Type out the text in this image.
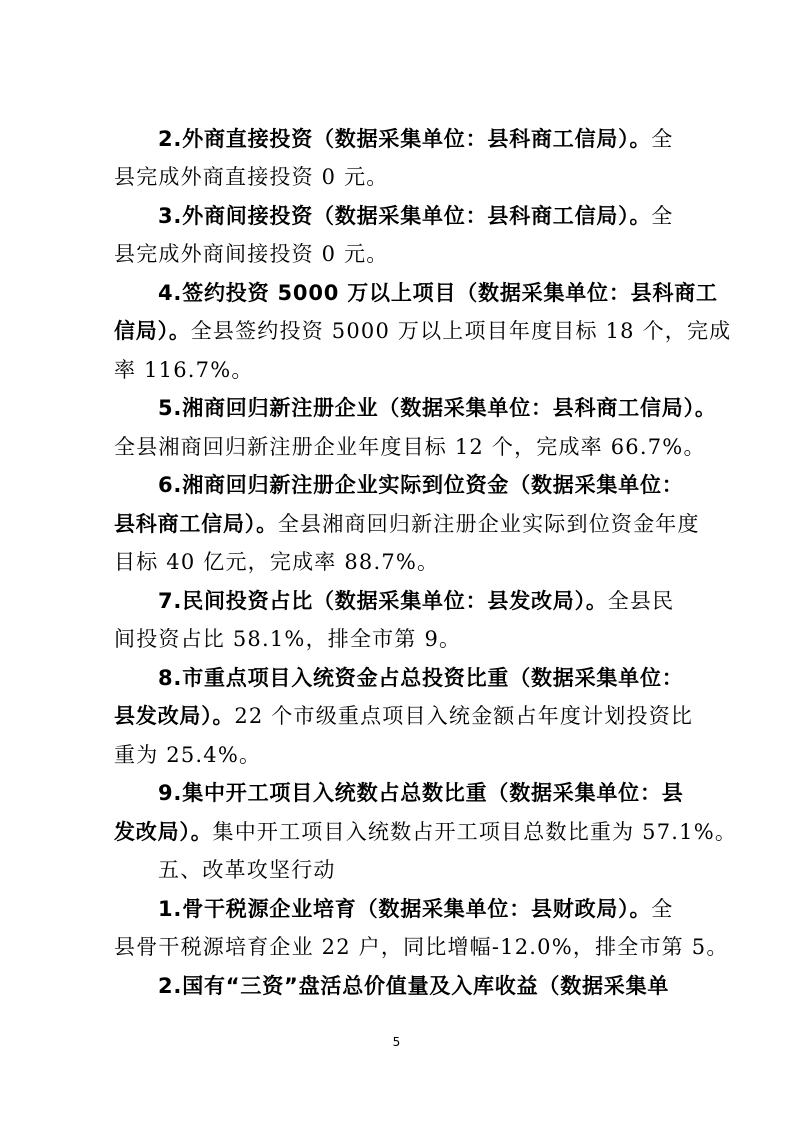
2.外商直接投资（数据采集单位：县科商工信局）。全
县完成外商直接投资 0 元。
3.外商间接投资（数据采集单位：县科商工信局）。全
县完成外商间接投资 0 元。
4.签约投资 5000 万以上项目（数据采集单位：县科商工
信局）。全县签约投资 5000 万以上项目年度目标 18 个，完成
率 116.7%。
5.湘商回归新注册企业（数据采集单位：县科商工信局）。
全县湘商回归新注册企业年度目标 12 个，完成率 66.7%。
6.湘商回归新注册企业实际到位资金（数据采集单位：
县科商工信局）。全县湘商回归新注册企业实际到位资金年度
目标 40 亿元，完成率 88.7%。
7.民间投资占比（数据采集单位：县发改局）。全县民
间投资占比 58.1%，排全市第 9。
8.市重点项目入统资金占总投资比重（数据采集单位：
县发改局）。22 个市级重点项目入统金额占年度计划投资比
重为 25.4%。
9.集中开工项目入统数占总数比重（数据采集单位：县
发改局）。集中开工项目入统数占开工项目总数比重为 57.1%。
五、改革攻坚行动
1.骨干税源企业培育（数据采集单位：县财政局）。全
县骨干税源培育企业 22 户，同比增幅-12.0%，排全市第 5。
2.国有“三资”盘活总价值量及入库收益（数据采集单
5
